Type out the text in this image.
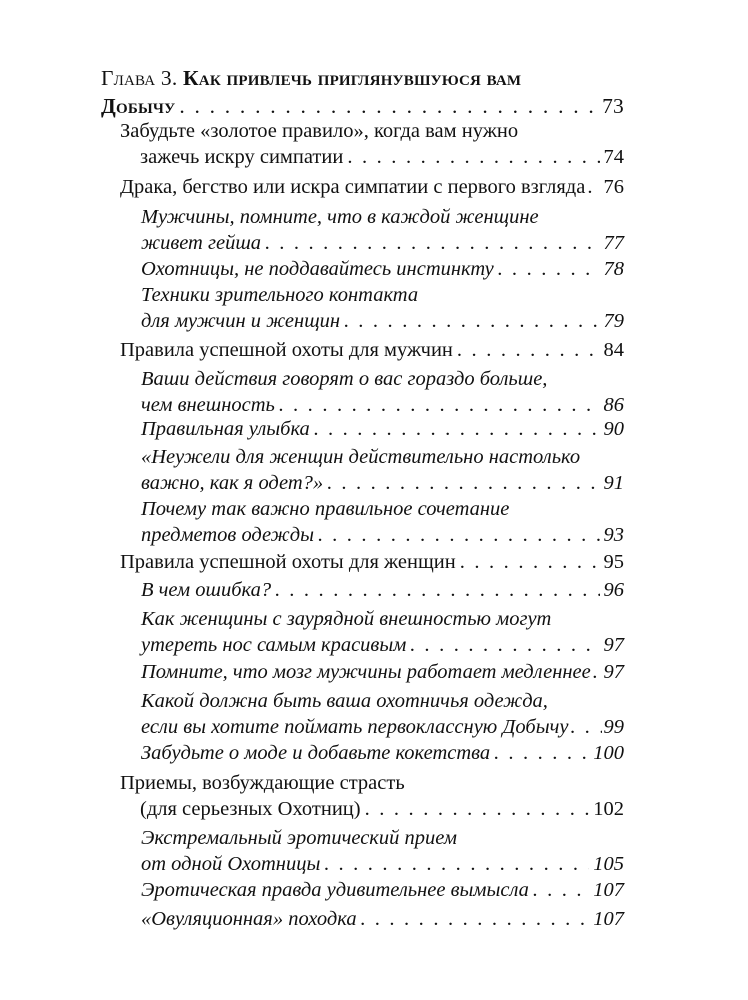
Глава 3. Как привлечь приглянувшуюся вам
Добычу . . .	73
Забудьте «золотое правило», когда вам нужно
зажечь искру симпатии . . .	74
Драка, бегство или искра симпатии с первого взгляда . . . 76
Мужчины, помните, что в каждой женщине
живет гейша . . .	77
Охотницы, не поддавайтесь инстинкту . . .	78
Техники зрительного контакта
для мужчин и женщин . . .	79
Правила успешной охоты для мужчин . . .	84
Ваши действия говорят о вас гораздо больше,
чем внешность . . .	86
Правильная улыбка . . .	90
«Неужели для женщин действительно настолько
важно, как я одет?» . . .	91
Почему так важно правильное сочетание
предметов одежды . . .	93
Правила успешной охоты для женщин . . .	95
В чем ошибка? . . .	96
Как женщины с заурядной внешностью могут
утереть нос самым красивым . . .	97
Помните, что мозг мужчины работает медленнее . . . 97
Какой должна быть ваша охотничья одежда,
если вы хотите поймать первоклассную Добычу . . . 99
Забудьте о моде и добавьте кокетства . . .	100
Приемы, возбуждающие страсть
(для серьезных Охотниц) . . .	102
Экстремальный эротический прием
от одной Охотницы . . .	105
Эротическая правда удивительнее вымысла . . .	107
«Овуляционная» походка . . .	107
